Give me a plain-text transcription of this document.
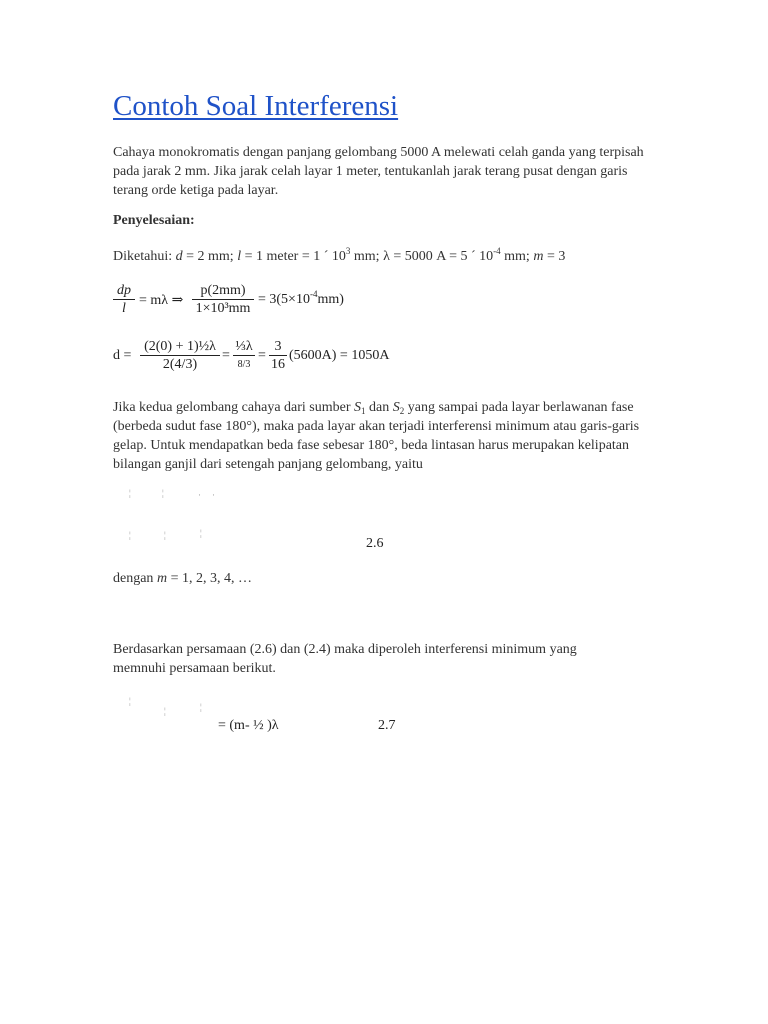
Contoh Soal Interferensi
Cahaya monokromatis dengan panjang gelombang 5000 A melewati celah ganda yang terpisah pada jarak 2 mm. Jika jarak celah layar 1 meter, tentukanlah jarak terang pusat dengan garis terang orde ketiga pada layar.
Penyelesaian:
Diketahui: d = 2 mm; l = 1 meter = 1 ´ $10^3$ mm; λ = 5000 A = 5 ´ $10^{-4}$ mm; m = 3
dp
l
= mλ ⇒
p(2mm)
1×10³mm
= $3(5\times 10^{-4}mm)$
d =
(2(0) + 1)½λ
2(4/3)
=
⅓λ
8/3
=
3
16
(5600A) = 1050A
Jika kedua gelombang cahaya dari sumber $S_1$ dan $S_2$ yang sampai pada layar berlawanan fase (berbeda sudut fase 180°), maka pada layar akan terjadi interferensi minimum atau garis-garis gelap. Untuk mendapatkan beda fase sebesar 180°, beda lintasan harus merupakan kelipatan bilangan ganjil dari setengah panjang gelombang, yaitu
¦	¦	· ·
¦	¦	¦
2.6
dengan m = 1, 2, 3, 4, …
Berdasarkan persamaan (2.6) dan (2.4) maka diperoleh interferensi minimum yang memnuhi persamaan berikut.
¦
¦	¦
= (m- ½ )λ	2.7
